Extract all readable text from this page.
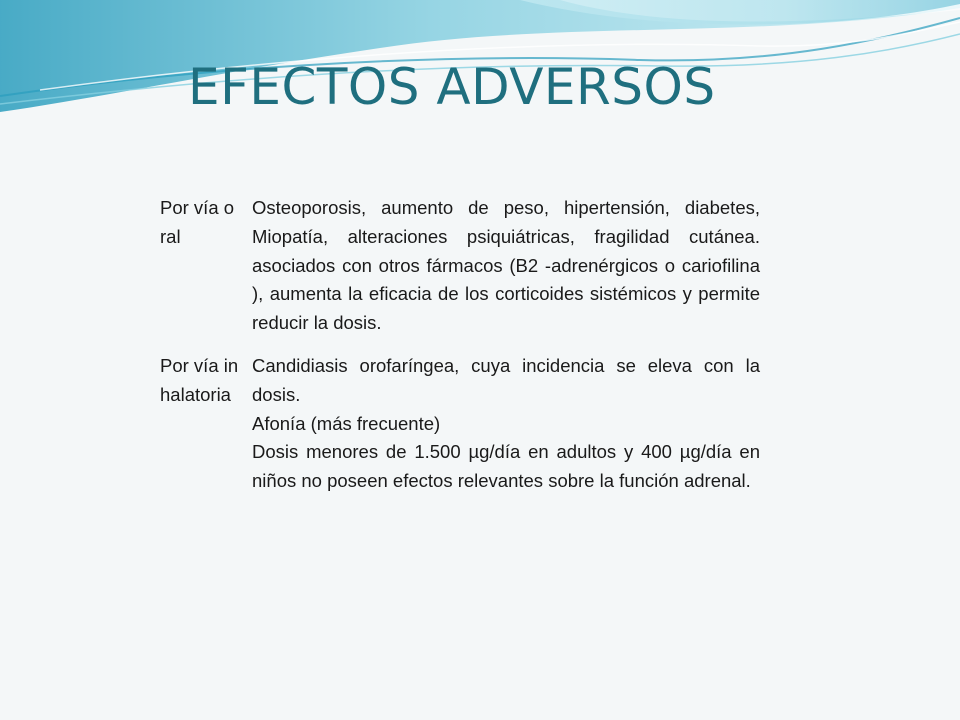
EFECTOS ADVERSOS
Por vía oral	Osteoporosis, aumento de peso, hipertensión, diabetes, Miopatía, alteraciones psiquiátricas, fragilidad cutánea. asociados con otros fármacos (B2 -adrenérgicos o cariofilina ), aumenta la eficacia de los corticoides sistémicos y permite reducir la dosis.

Por vía inhalatoria	Candidiasis orofaríngea, cuya incidencia se eleva con la dosis.
Afonía (más frecuente)
Dosis menores de 1.500 µg/día en adultos y 400 µg/día en niños no poseen efectos relevantes sobre la función adrenal.
